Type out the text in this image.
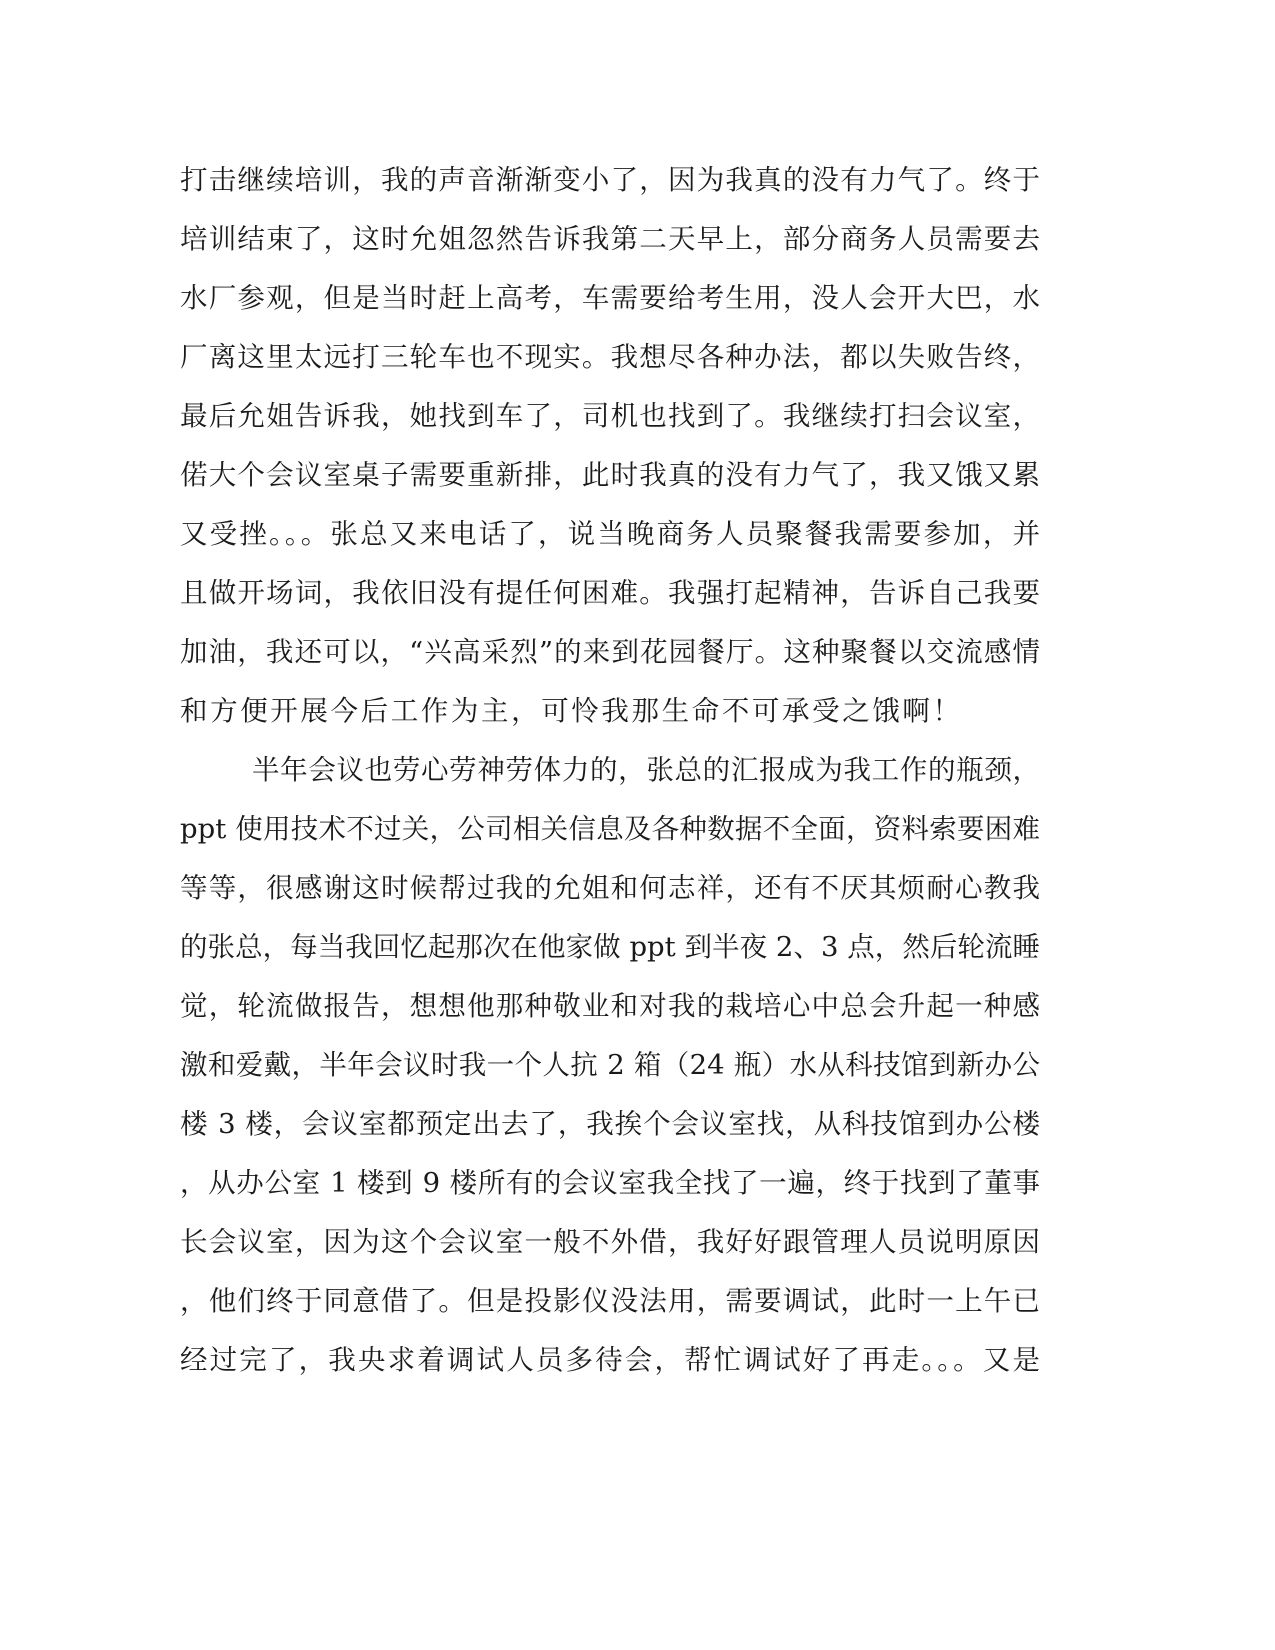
打击继续培训，我的声音渐渐变小了，因为我真的没有力气了。终于
培训结束了，这时允姐忽然告诉我第二天早上，部分商务人员需要去
水厂参观，但是当时赶上高考，车需要给考生用，没人会开大巴，水
厂离这里太远打三轮车也不现实。我想尽各种办法，都以失败告终，
最后允姐告诉我，她找到车了，司机也找到了。我继续打扫会议室，
偌大个会议室桌子需要重新排，此时我真的没有力气了，我又饿又累
又受挫。。。张总又来电话了，说当晚商务人员聚餐我需要参加，并
且做开场词，我依旧没有提任何困难。我强打起精神，告诉自己我要
加油，我还可以，“兴高采烈”的来到花园餐厅。这种聚餐以交流感情
和方便开展今后工作为主，可怜我那生命不可承受之饿啊！
半年会议也劳心劳神劳体力的，张总的汇报成为我工作的瓶颈，
ppt 使用技术不过关，公司相关信息及各种数据不全面，资料索要困难
等等，很感谢这时候帮过我的允姐和何志祥，还有不厌其烦耐心教我
的张总，每当我回忆起那次在他家做 ppt 到半夜 2、3 点，然后轮流睡
觉，轮流做报告，想想他那种敬业和对我的栽培心中总会升起一种感
激和爱戴，半年会议时我一个人抗 2 箱（24 瓶）水从科技馆到新办公
楼 3 楼，会议室都预定出去了，我挨个会议室找，从科技馆到办公楼
，从办公室 1 楼到 9 楼所有的会议室我全找了一遍，终于找到了董事
长会议室，因为这个会议室一般不外借，我好好跟管理人员说明原因
，他们终于同意借了。但是投影仪没法用，需要调试，此时一上午已
经过完了，我央求着调试人员多待会，帮忙调试好了再走。。。又是
